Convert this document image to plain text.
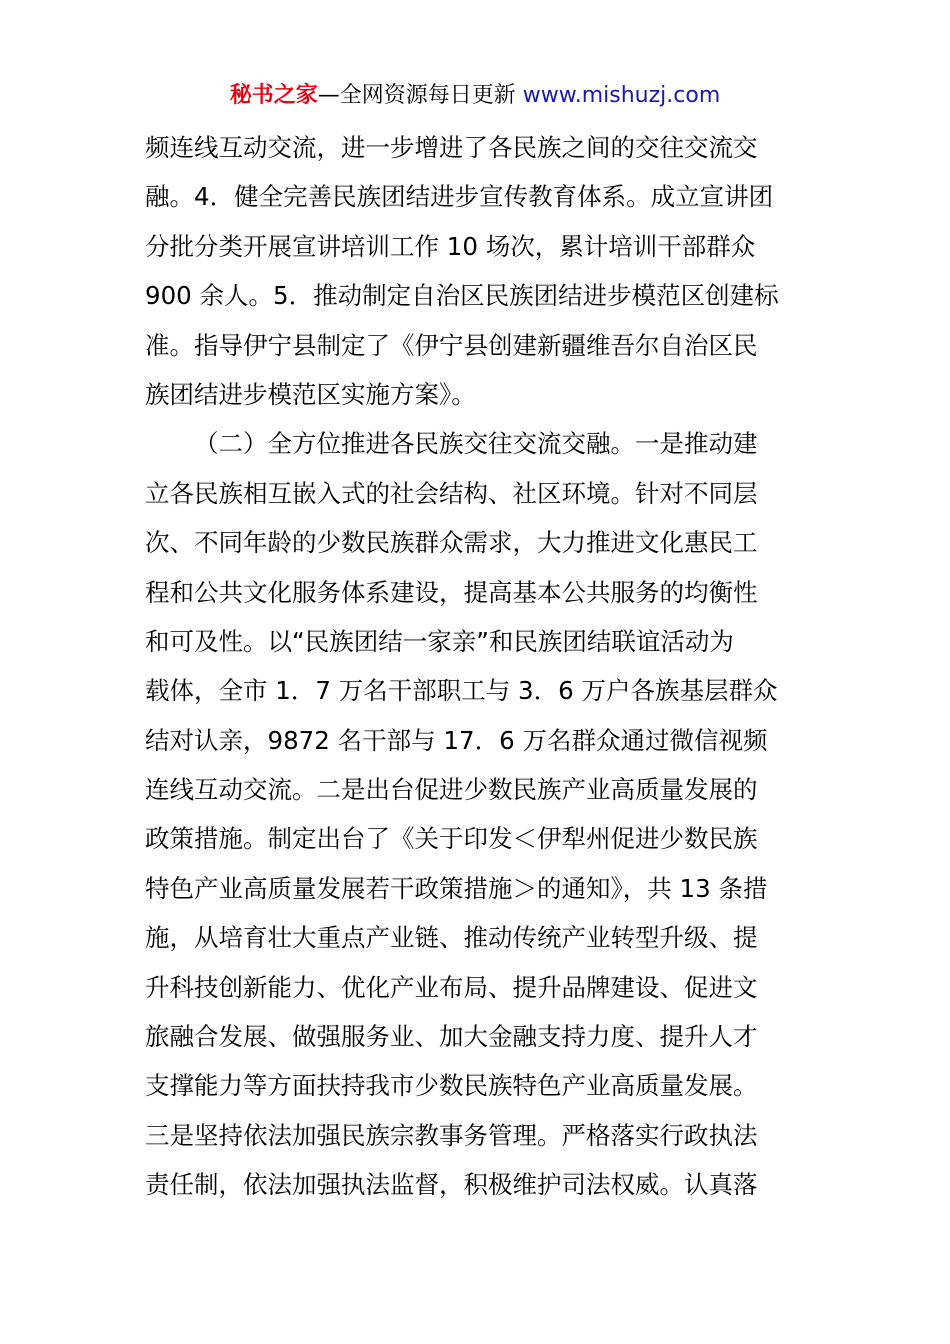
秘书之家—全网资源每日更新 www.mishuzj.com
频连线互动交流，进一步增进了各民族之间的交往交流交
融。4．健全完善民族团结进步宣传教育体系。成立宣讲团
分批分类开展宣讲培训工作 10 场次，累计培训干部群众
900 余人。5．推动制定自治区民族团结进步模范区创建标
准。指导伊宁县制定了《伊宁县创建新疆维吾尔自治区民
族团结进步模范区实施方案》。
（二）全方位推进各民族交往交流交融。一是推动建
立各民族相互嵌入式的社会结构、社区环境。针对不同层
次、不同年龄的少数民族群众需求，大力推进文化惠民工
程和公共文化服务体系建设，提高基本公共服务的均衡性
和可及性。以“民族团结一家亲”和民族团结联谊活动为
载体，全市 1．7 万名干部职工与 3．6 万户各族基层群众
结对认亲，9872 名干部与 17．6 万名群众通过微信视频
连线互动交流。二是出台促进少数民族产业高质量发展的
政策措施。制定出台了《关于印发＜伊犁州促进少数民族
特色产业高质量发展若干政策措施＞的通知》，共 13 条措
施，从培育壮大重点产业链、推动传统产业转型升级、提
升科技创新能力、优化产业布局、提升品牌建设、促进文
旅融合发展、做强服务业、加大金融支持力度、提升人才
支撑能力等方面扶持我市少数民族特色产业高质量发展。
三是坚持依法加强民族宗教事务管理。严格落实行政执法
责任制，依法加强执法监督，积极维护司法权威。认真落
